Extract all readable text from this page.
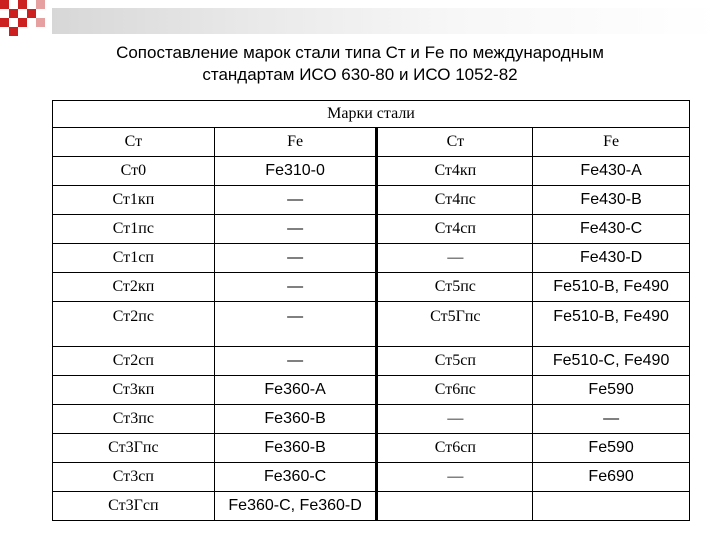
Сопоставление марок стали типа Ст и Fe по международным
стандартам ИСО 630-80 и ИСО 1052-82
Марки стали			
Ст	Fe	Ст	Fe
Ст0	Fe310-0	Ст4кп	Fe430-A
Ст1кп	—	Ст4пс	Fe430-B
Ст1пс	—	Ст4сп	Fe430-C
Ст1сп	—	—	Fe430-D
Ст2кп	—	Ст5пс	Fe510-B, Fe490
Ст2пс	—	Ст5Гпс	Fe510-B, Fe490
Ст2сп	—	Ст5сп	Fe510-C, Fe490
Ст3кп	Fe360-A	Ст6пс	Fe590
Ст3пс	Fe360-B	—	—
Ст3Гпс	Fe360-B	Ст6сп	Fe590
Ст3сп	Fe360-C	—	Fe690
Ст3Гсп	Fe360-C, Fe360-D		
